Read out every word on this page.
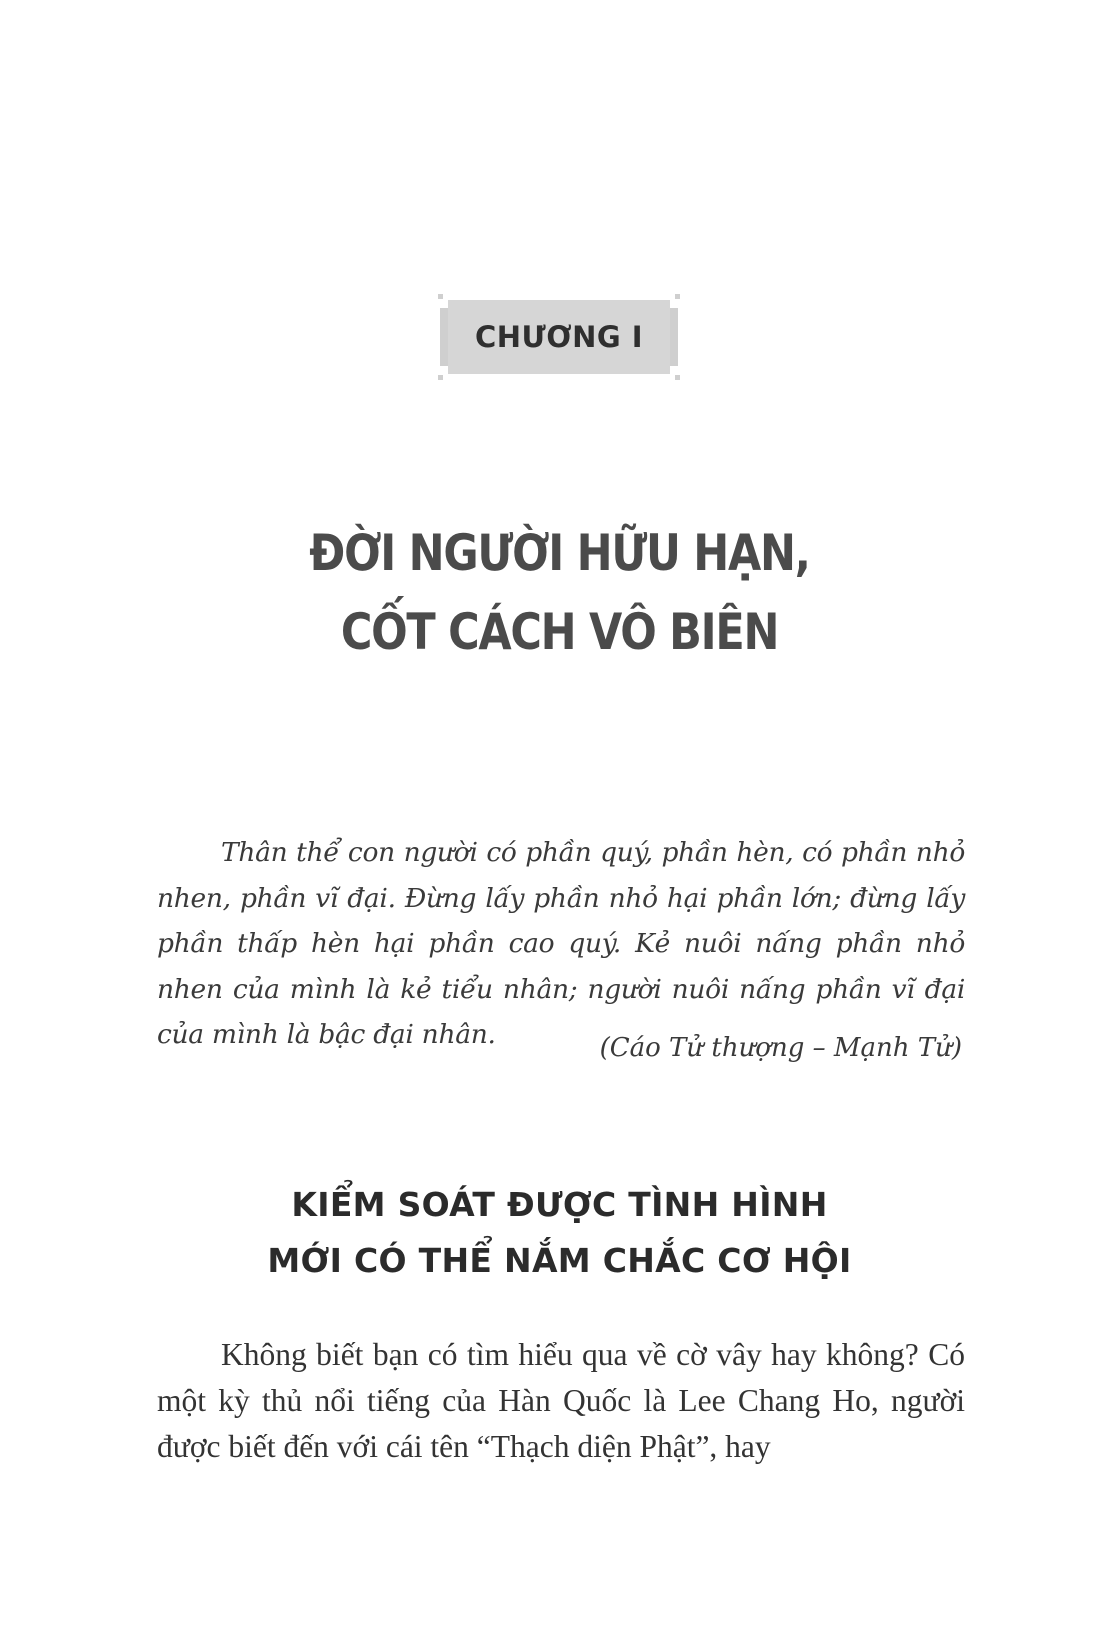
CHƯƠNG I
ĐỜI NGƯỜI HỮU HẠN,
CỐT CÁCH VÔ BIÊN
Thân thể con người có phần quý, phần hèn, có phần nhỏ nhen, phần vĩ đại. Đừng lấy phần nhỏ hại phần lớn; đừng lấy phần thấp hèn hại phần cao quý. Kẻ nuôi nấng phần nhỏ nhen của mình là kẻ tiểu nhân; người nuôi nấng phần vĩ đại của mình là bậc đại nhân.	(Cáo Tử thượng – Mạnh Tử)
KIỂM SOÁT ĐƯỢC TÌNH HÌNH
MỚI CÓ THỂ NẮM CHẮC CƠ HỘI
Không biết bạn có tìm hiểu qua về cờ vây hay không? Có một kỳ thủ nổi tiếng của Hàn Quốc là Lee Chang Ho, người được biết đến với cái tên “Thạch diện Phật”, hay
